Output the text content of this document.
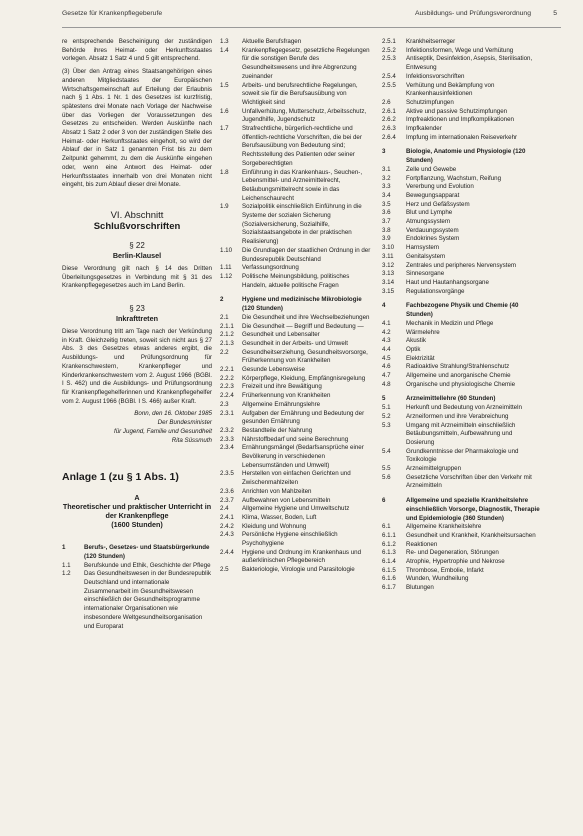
Gesetze für Krankenpflegeberufe	Ausbildungs- und Prüfungsverordnung	5

re entsprechende Bescheinigung der zuständigen Behörde ihres Heimat- oder Herkunftsstaates vorlegen. Absatz 1 Satz 4 und 5 gilt entsprechend.

(3) Über den Antrag eines Staatsangehörigen eines anderen Mitgliedstaates der Europäischen Wirtschaftsgemeinschaft auf Erteilung der Erlaubnis nach § 1 Abs. 1 Nr. 1 des Gesetzes ist kurzfristig, spätestens drei Monate nach Vorlage der Nachweise über das Vorliegen der Voraussetzungen des Gesetzes zu entscheiden. Werden Auskünfte nach Absatz 1 Satz 2 oder 3 von der zuständigen Stelle des Heimat- oder Herkunftsstaates eingeholt, so wird der Ablauf der in Satz 1 genannten Frist bis zu dem Zeitpunkt gehemmt, zu dem die Auskünfte eingehen oder, wenn eine Antwort des Heimat- oder Herkunftsstaates innerhalb von drei Monaten nicht eingeht, bis zum Ablauf dieser drei Monate.

VI. Abschnitt
Schlußvorschriften
§ 22
Berlin-Klausel

Diese Verordnung gilt nach § 14 des Dritten Überleitungsgesetzes in Verbindung mit § 31 des Krankenpflegegesetzes auch im Land Berlin.

§ 23
Inkrafttreten

Diese Verordnung tritt am Tage nach der Verkündung in Kraft. Gleichzeitig treten, soweit sich nicht aus § 27 Abs. 3 des Gesetzes etwas anderes ergibt, die Ausbildungs- und Prüfungsordnung für Krankenschwestern, Krankenpfleger und Kinderkrankenschwestern vom 2. August 1966 (BGBl. I S. 462) und die Ausbildungs- und Prüfungsordnung für Krankenpflegehelferinnen und Krankenpflegehelfer vom 2. August 1966 (BGBl. I S. 466) außer Kraft.

Bonn, den 16. Oktober 1985
Der Bundesminister
für Jugend, Familie und Gesundheit
Rita Süssmuth
Anlage 1 (zu § 1 Abs. 1)
A
Theoretischer und praktischer Unterricht in der Krankenpflege
(1600 Stunden)
1	Berufs-, Gesetzes- und Staatsbürgerkunde (120 Stunden)
1.1	Berufskunde und Ethik, Geschichte der Pflege
1.2	Das Gesundheitswesen in der Bundesrepublik Deutschland und internationale Zusammenarbeit im Gesundheitswesen einschließlich der Gesundheitsprogramme internationaler Organisationen wie insbesondere Weltgesundheitsorganisation und Europarat
1.3	Aktuelle Berufsfragen
1.4	Krankenpflegegesetz, gesetzliche Regelungen für die sonstigen Berufe des Gesundheitswesens und ihre Abgrenzung zueinander
1.5	Arbeits- und berufsrechtliche Regelungen, soweit sie für die Berufsausübung von Wichtigkeit sind
1.6	Unfallverhütung, Mutterschutz, Arbeitsschutz, Jugendhilfe, Jugendschutz
1.7	Strafrechtliche, bürgerlich-rechtliche und öffentlich-rechtliche Vorschriften, die bei der Berufsausübung von Bedeutung sind; Rechtsstellung des Patienten oder seiner Sorgeberechtigten
1.8	Einführung in das Krankenhaus-, Seuchen-, Lebensmittel- und Arzneimittelrecht, Betäubungsmittelrecht sowie in das Leichenschaurecht
1.9	Sozialpolitik einschließlich Einführung in die Systeme der sozialen Sicherung (Sozialversicherung, Sozialhilfe, Sozialstaatsangebote in der praktischen Realisierung)
1.10	Die Grundlagen der staatlichen Ordnung in der Bundesrepublik Deutschland
1.11	Verfassungsordnung
1.12	Politische Meinungsbildung, politisches Handeln, aktuelle politische Fragen
2	Hygiene und medizinische Mikrobiologie (120 Stunden)
2.1	Die Gesundheit und ihre Wechselbeziehungen
2.1.1	Die Gesundheit — Begriff und Bedeutung —
2.1.2	Gesundheit und Lebensalter
2.1.3	Gesundheit in der Arbeits- und Umwelt
2.2	Gesundheitserziehung, Gesundheitsvorsorge, Früherkennung von Krankheiten
2.2.1	Gesunde Lebensweise
2.2.2	Körperpflege, Kleidung, Empfängnisregelung
2.2.3	Freizeit und ihre Bewältigung
2.2.4	Früherkennung von Krankheiten
2.3	Allgemeine Ernährungslehre
2.3.1	Aufgaben der Ernährung und Bedeutung der gesunden Ernährung
2.3.2	Bestandteile der Nahrung
2.3.3	Nährstoffbedarf und seine Berechnung
2.3.4	Ernährungsmängel (Bedarfsansprüche einer Bevölkerung in verschiedenen Lebensumständen und Umwelt)
2.3.5	Herstellen von einfachen Gerichten und Zwischenmahlzeiten
2.3.6	Anrichten von Mahlzeiten
2.3.7	Aufbewahren von Lebensmitteln
2.4	Allgemeine Hygiene und Umweltschutz
2.4.1	Klima, Wasser, Boden, Luft
2.4.2	Kleidung und Wohnung
2.4.3	Persönliche Hygiene einschließlich Psychohygiene
2.4.4	Hygiene und Ordnung im Krankenhaus und außerklinischen Pflegebereich
2.5	Bakteriologie, Virologie und Parasitologie
2.5.1	Krankheitserreger
2.5.2	Infektionsformen, Wege und Verhütung
2.5.3	Antiseptik, Desinfektion, Asepsis, Sterilisation, Entwesung
2.5.4	Infektionsvorschriften
2.5.5	Verhütung und Bekämpfung von Krankenhausinfektionen
2.6	Schutzimpfungen
2.6.1	Aktive und passive Schutzimpfungen
2.6.2	Impfreaktionen und Impfkomplikationen
2.6.3	Impfkalender
2.6.4	Impfung im internationalen Reiseverkehr
3	Biologie, Anatomie und Physiologie (120 Stunden)
3.1	Zelle und Gewebe
3.2	Fortpflanzung, Wachstum, Reifung
3.3	Vererbung und Evolution
3.4	Bewegungsapparat
3.5	Herz und Gefäßsystem
3.6	Blut und Lymphe
3.7	Atmungssystem
3.8	Verdauungssystem
3.9	Endokrines System
3.10	Harnsystem
3.11	Genitalsystem
3.12	Zentrales und peripheres Nervensystem
3.13	Sinnesorgane
3.14	Haut und Hautanhangsorgane
3.15	Regulationsvorgänge
4	Fachbezogene Physik und Chemie (40 Stunden)
4.1	Mechanik in Medizin und Pflege
4.2	Wärmelehre
4.3	Akustik
4.4	Optik
4.5	Elektrizität
4.6	Radioaktive Strahlung/Strahlenschutz
4.7	Allgemeine und anorganische Chemie
4.8	Organische und physiologische Chemie
5	Arzneimittellehre (60 Stunden)
5.1	Herkunft und Bedeutung von Arzneimitteln
5.2	Arzneiformen und ihre Verabreichung
5.3	Umgang mit Arzneimitteln einschließlich Betäubungsmitteln, Aufbewahrung und Dosierung
5.4	Grundkenntnisse der Pharmakologie und Toxikologie
5.5	Arzneimittelgruppen
5.6	Gesetzliche Vorschriften über den Verkehr mit Arzneimitteln
6	Allgemeine und spezielle Krankheitslehre einschließlich Vorsorge, Diagnostik, Therapie und Epidemiologie (360 Stunden)
6.1	Allgemeine Krankheitslehre
6.1.1	Gesundheit und Krankheit, Krankheitsursachen
6.1.2	Reaktionen
6.1.3	Re- und Degeneration, Störungen
6.1.4	Atrophie, Hypertrophie und Nekrose
6.1.5	Thrombose, Embolie, Infarkt
6.1.6	Wunden, Wundheilung
6.1.7	Blutungen
